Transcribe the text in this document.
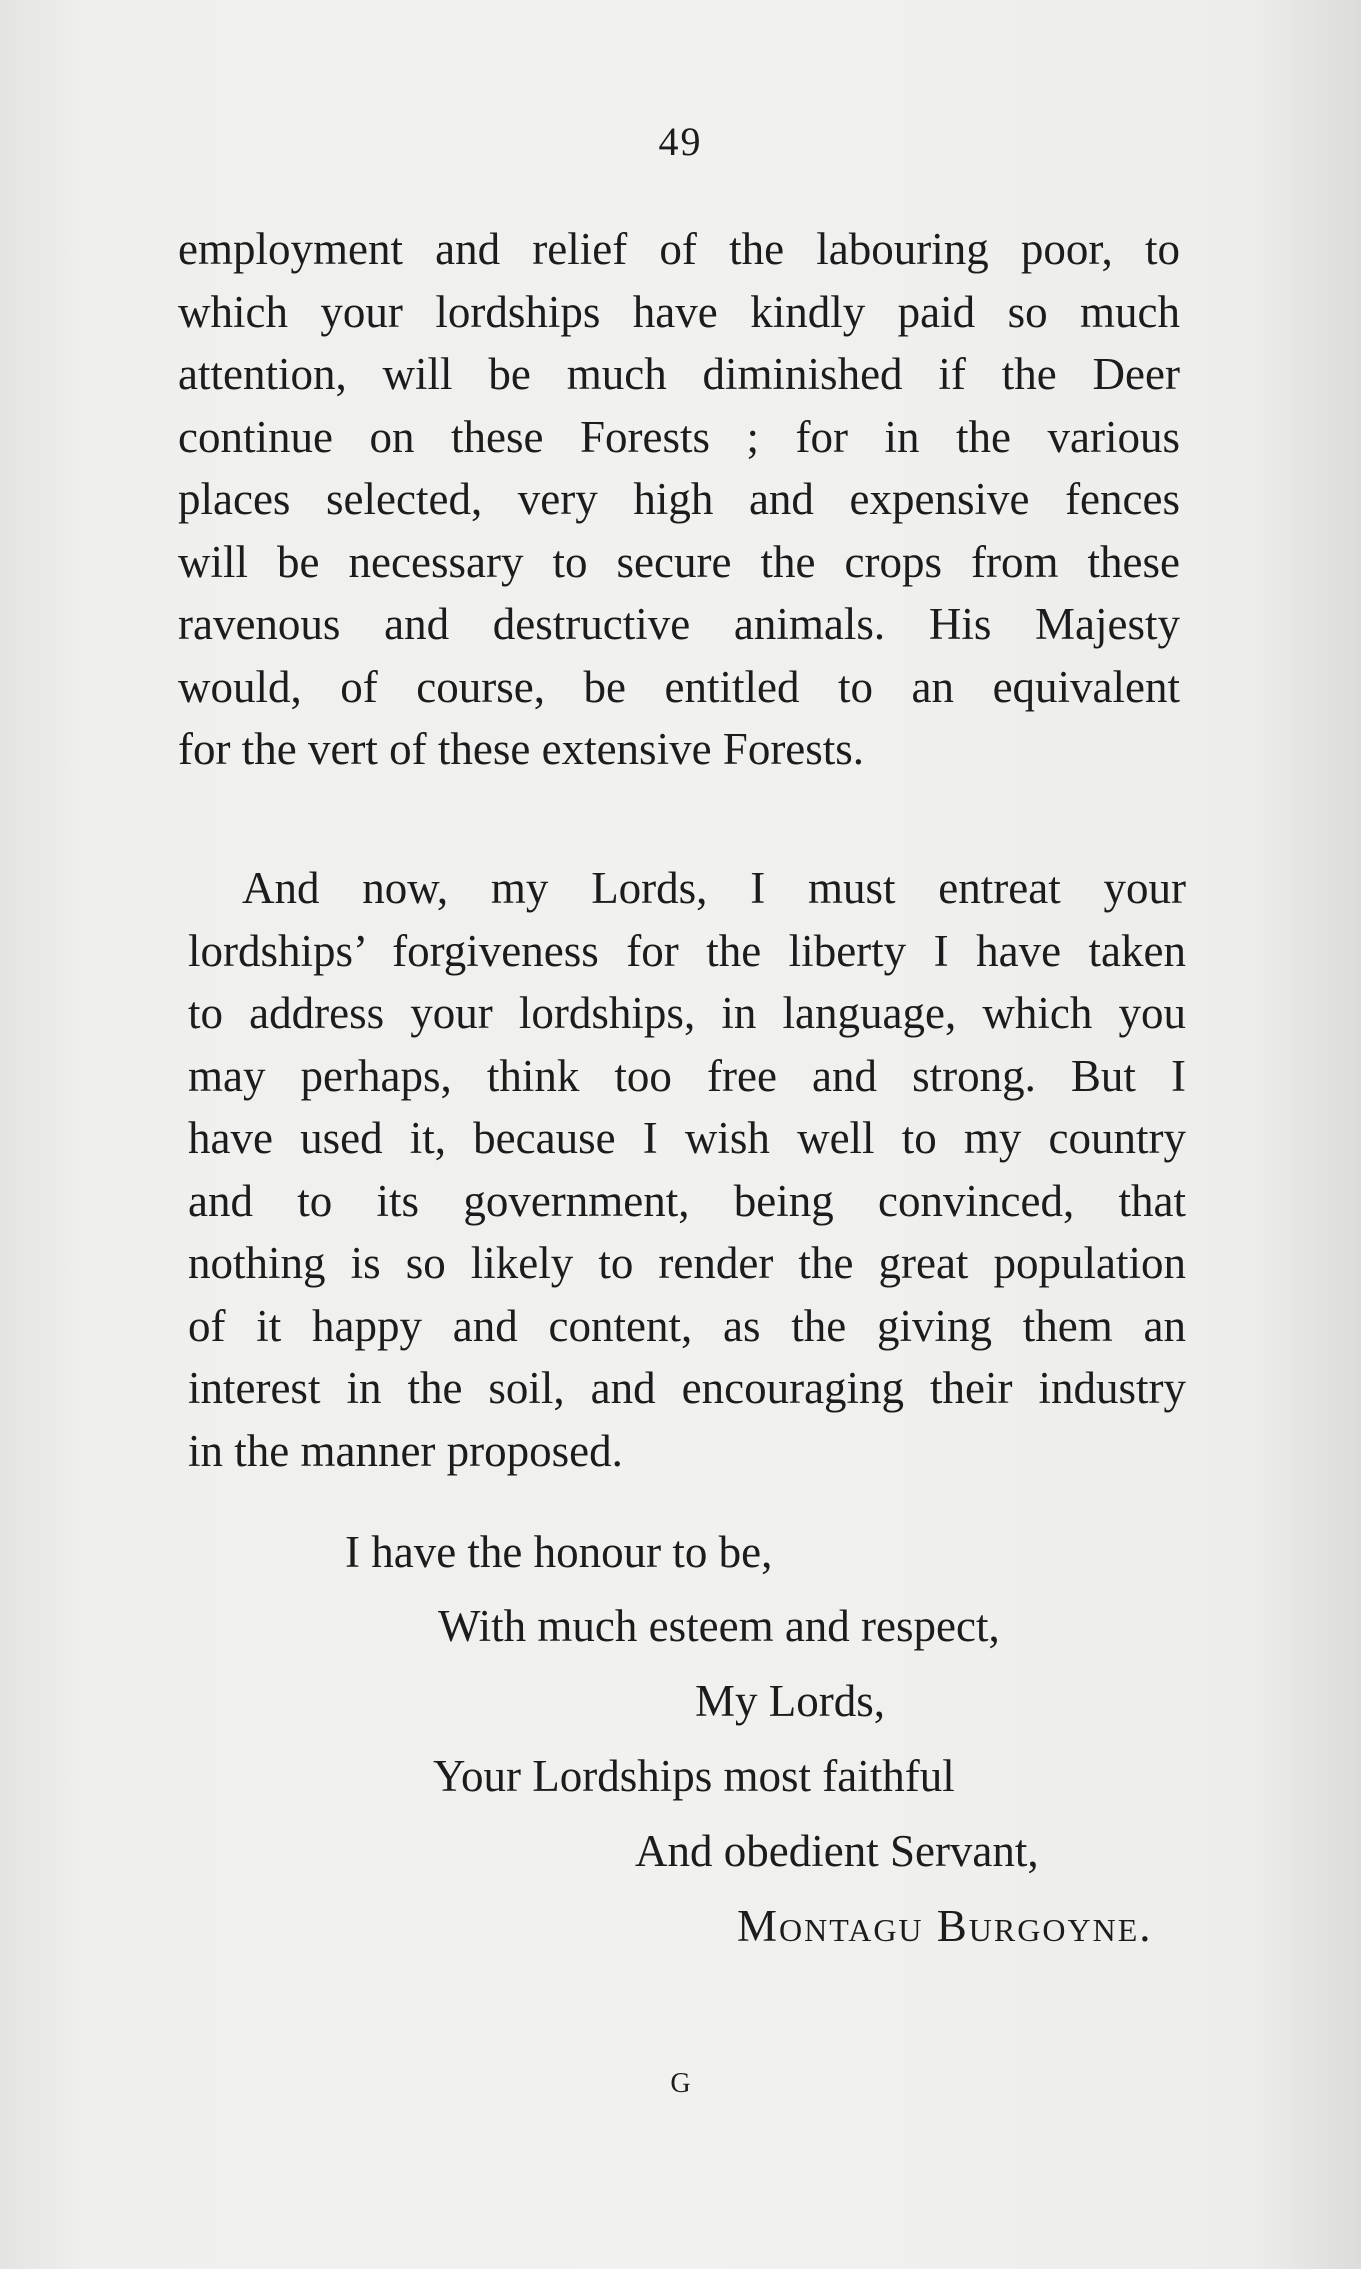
49
employment and relief of the labouring poor, to
which your lordships have kindly paid so much
attention, will be much diminished if the Deer
continue on these Forests ; for in the various
places selected, very high and expensive fences
will be necessary to secure the crops from these
ravenous and destructive animals. His Majesty
would, of course, be entitled to an equivalent
for the vert of these extensive Forests.
And now, my Lords, I must entreat your
lordships’ forgiveness for the liberty I have taken
to address your lordships, in language, which you
may perhaps, think too free and strong. But I
have used it, because I wish well to my country
and to its government, being convinced, that
nothing is so likely to render the great population
of it happy and content, as the giving them an
interest in the soil, and encouraging their industry
in the manner proposed.
I have the honour to be,
With much esteem and respect,
My Lords,
Your Lordships most faithful
And obedient Servant,
Montagu Burgoyne.
G
